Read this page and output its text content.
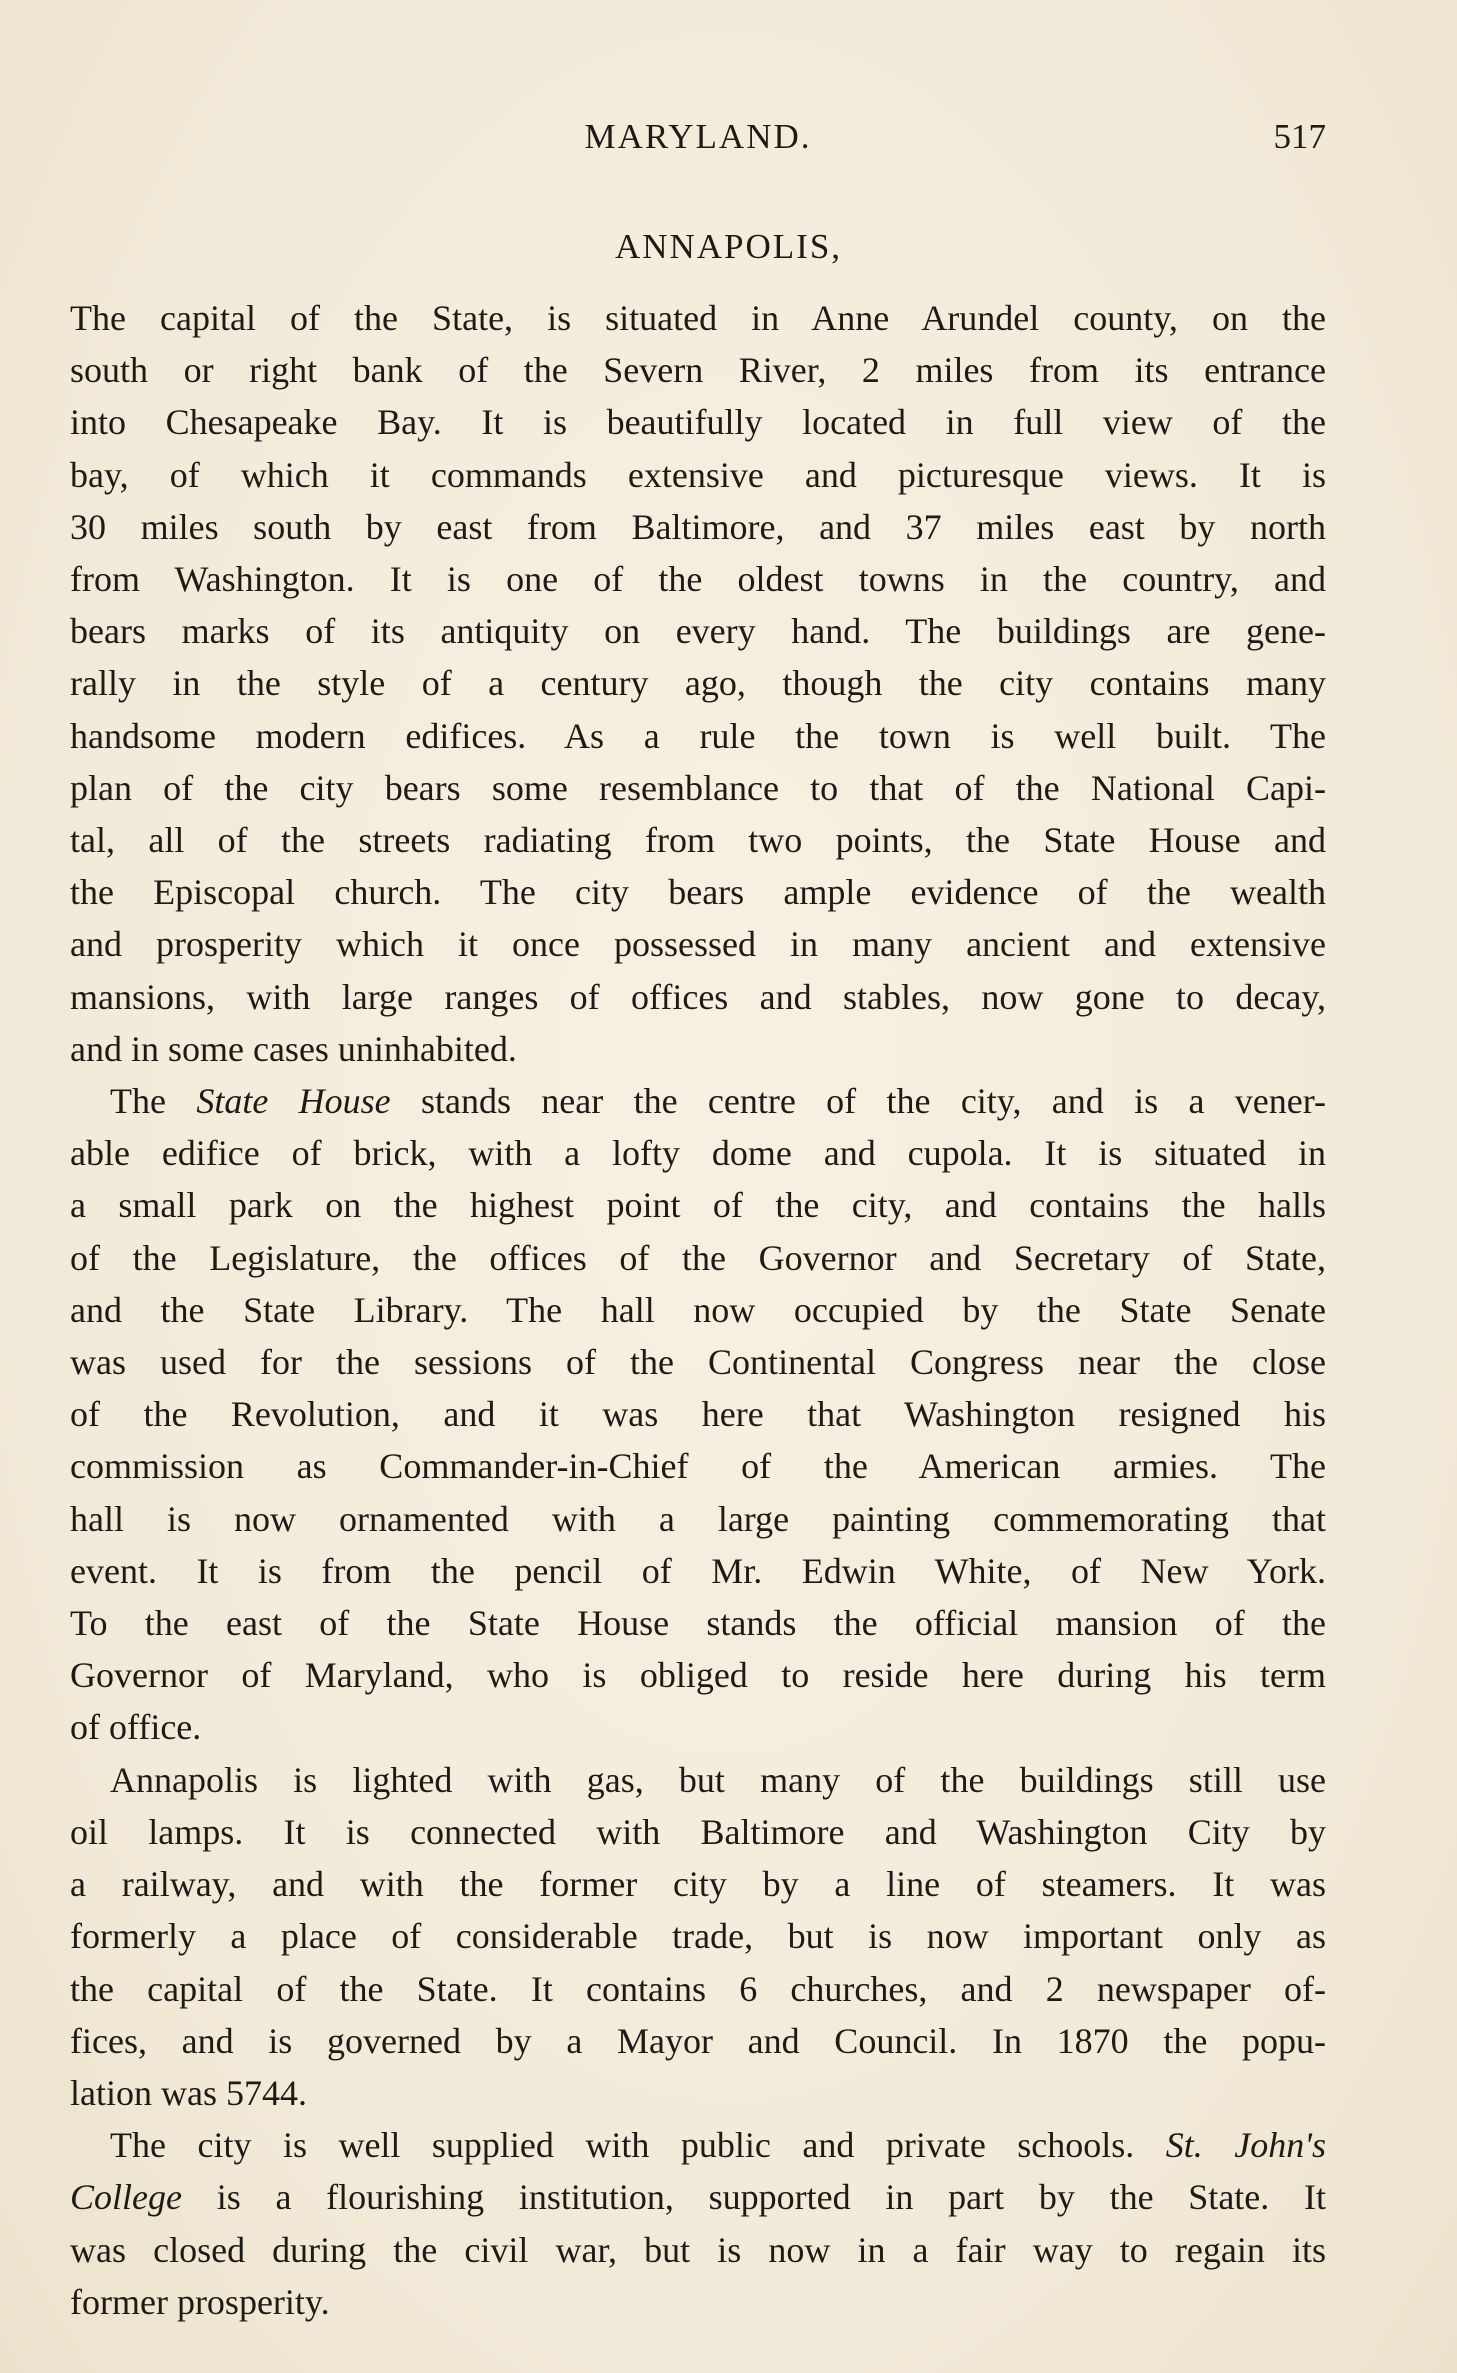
MARYLAND.	517
ANNAPOLIS,

The capital of the State, is situated in Anne Arundel county, on the

south or right bank of the Severn River, 2 miles from its entrance

into Chesapeake Bay. It is beautifully located in full view of the

bay, of which it commands extensive and picturesque views. It is

30 miles south by east from Baltimore, and 37 miles east by north

from Washington. It is one of the oldest towns in the country, and

bears marks of its antiquity on every hand. The buildings are gene-

rally in the style of a century ago, though the city contains many

handsome modern edifices. As a rule the town is well built. The

plan of the city bears some resemblance to that of the National Capi-

tal, all of the streets radiating from two points, the State House and

the Episcopal church. The city bears ample evidence of the wealth

and prosperity which it once possessed in many ancient and extensive

mansions, with large ranges of offices and stables, now gone to decay,

and in some cases uninhabited.

The State House stands near the centre of the city, and is a vener-

able edifice of brick, with a lofty dome and cupola. It is situated in

a small park on the highest point of the city, and contains the halls

of the Legislature, the offices of the Governor and Secretary of State,

and the State Library. The hall now occupied by the State Senate

was used for the sessions of the Continental Congress near the close

of the Revolution, and it was here that Washington resigned his

commission as Commander-in-Chief of the American armies. The

hall is now ornamented with a large painting commemorating that

event. It is from the pencil of Mr. Edwin White, of New York.

To the east of the State House stands the official mansion of the

Governor of Maryland, who is obliged to reside here during his term

of office.

Annapolis is lighted with gas, but many of the buildings still use

oil lamps. It is connected with Baltimore and Washington City by

a railway, and with the former city by a line of steamers. It was

formerly a place of considerable trade, but is now important only as

the capital of the State. It contains 6 churches, and 2 newspaper of-

fices, and is governed by a Mayor and Council. In 1870 the popu-

lation was 5744.

The city is well supplied with public and private schools. St. John's

College is a flourishing institution, supported in part by the State. It

was closed during the civil war, but is now in a fair way to regain its

former prosperity.
